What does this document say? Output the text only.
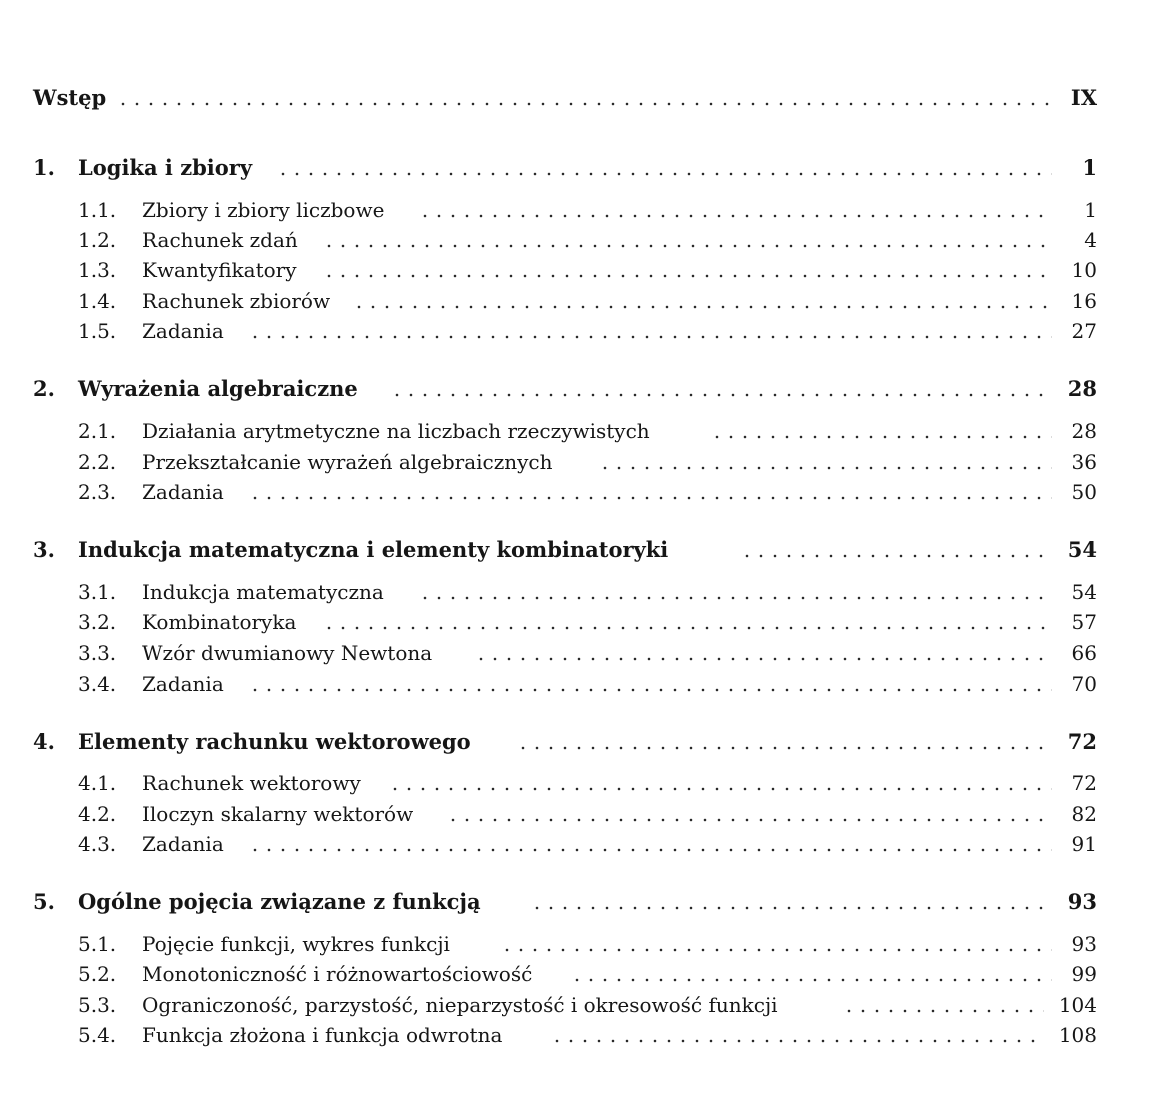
Wstęp	IX
1. Logika i zbiory	1
1.1. Zbiory i zbiory liczbowe	1
1.2. Rachunek zdań	4
1.3. Kwantyfikatory	10
1.4. Rachunek zbiorów	16
1.5. Zadania	27
2. Wyrażenia algebraiczne	28
2.1. Działania arytmetyczne na liczbach rzeczywistych	28
2.2. Przekształcanie wyrażeń algebraicznych	36
2.3. Zadania	50
3. Indukcja matematyczna i elementy kombinatoryki	54
3.1. Indukcja matematyczna	54
3.2. Kombinatoryka	57
3.3. Wzór dwumianowy Newtona	66
3.4. Zadania	70
4. Elementy rachunku wektorowego	72
4.1. Rachunek wektorowy	72
4.2. Iloczyn skalarny wektorów	82
4.3. Zadania	91
5. Ogólne pojęcia związane z funkcją	93
5.1. Pojęcie funkcji, wykres funkcji	93
5.2. Monotoniczność i różnowartościowość	99
5.3. Ograniczoność, parzystość, nieparzystość i okresowość funkcji	104
5.4. Funkcja złożona i funkcja odwrotna	108
